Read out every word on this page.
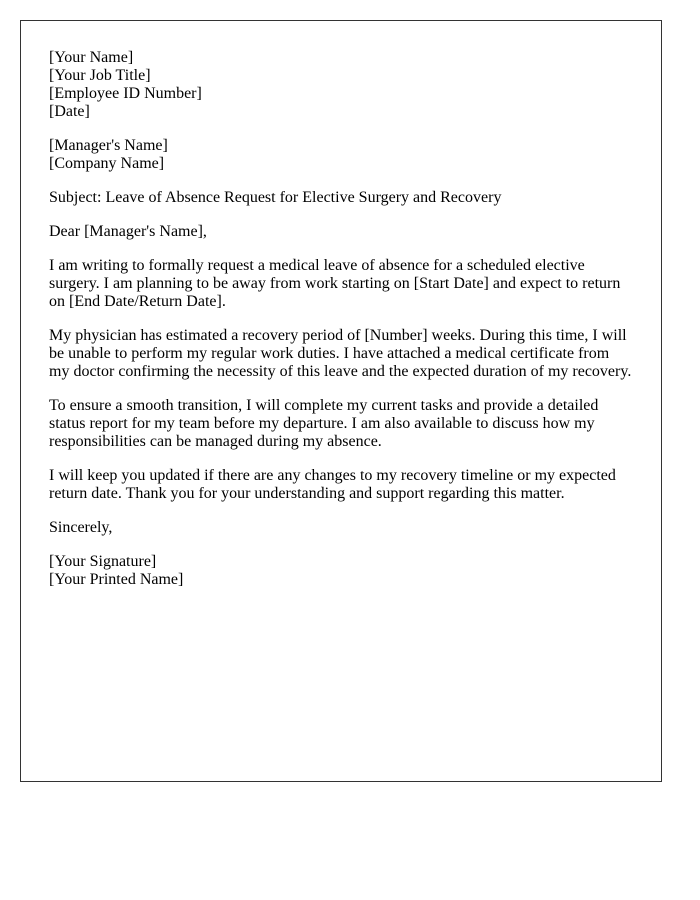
[Your Name]
[Your Job Title]
[Employee ID Number]
[Date]

[Manager's Name]
[Company Name]

Subject: Leave of Absence Request for Elective Surgery and Recovery

Dear [Manager's Name],

I am writing to formally request a medical leave of absence for a scheduled elective surgery. I am planning to be away from work starting on [Start Date] and expect to return on [End Date/Return Date].

My physician has estimated a recovery period of [Number] weeks. During this time, I will be unable to perform my regular work duties. I have attached a medical certificate from my doctor confirming the necessity of this leave and the expected duration of my recovery.

To ensure a smooth transition, I will complete my current tasks and provide a detailed status report for my team before my departure. I am also available to discuss how my responsibilities can be managed during my absence.

I will keep you updated if there are any changes to my recovery timeline or my expected return date. Thank you for your understanding and support regarding this matter.

Sincerely,

[Your Signature]
[Your Printed Name]
